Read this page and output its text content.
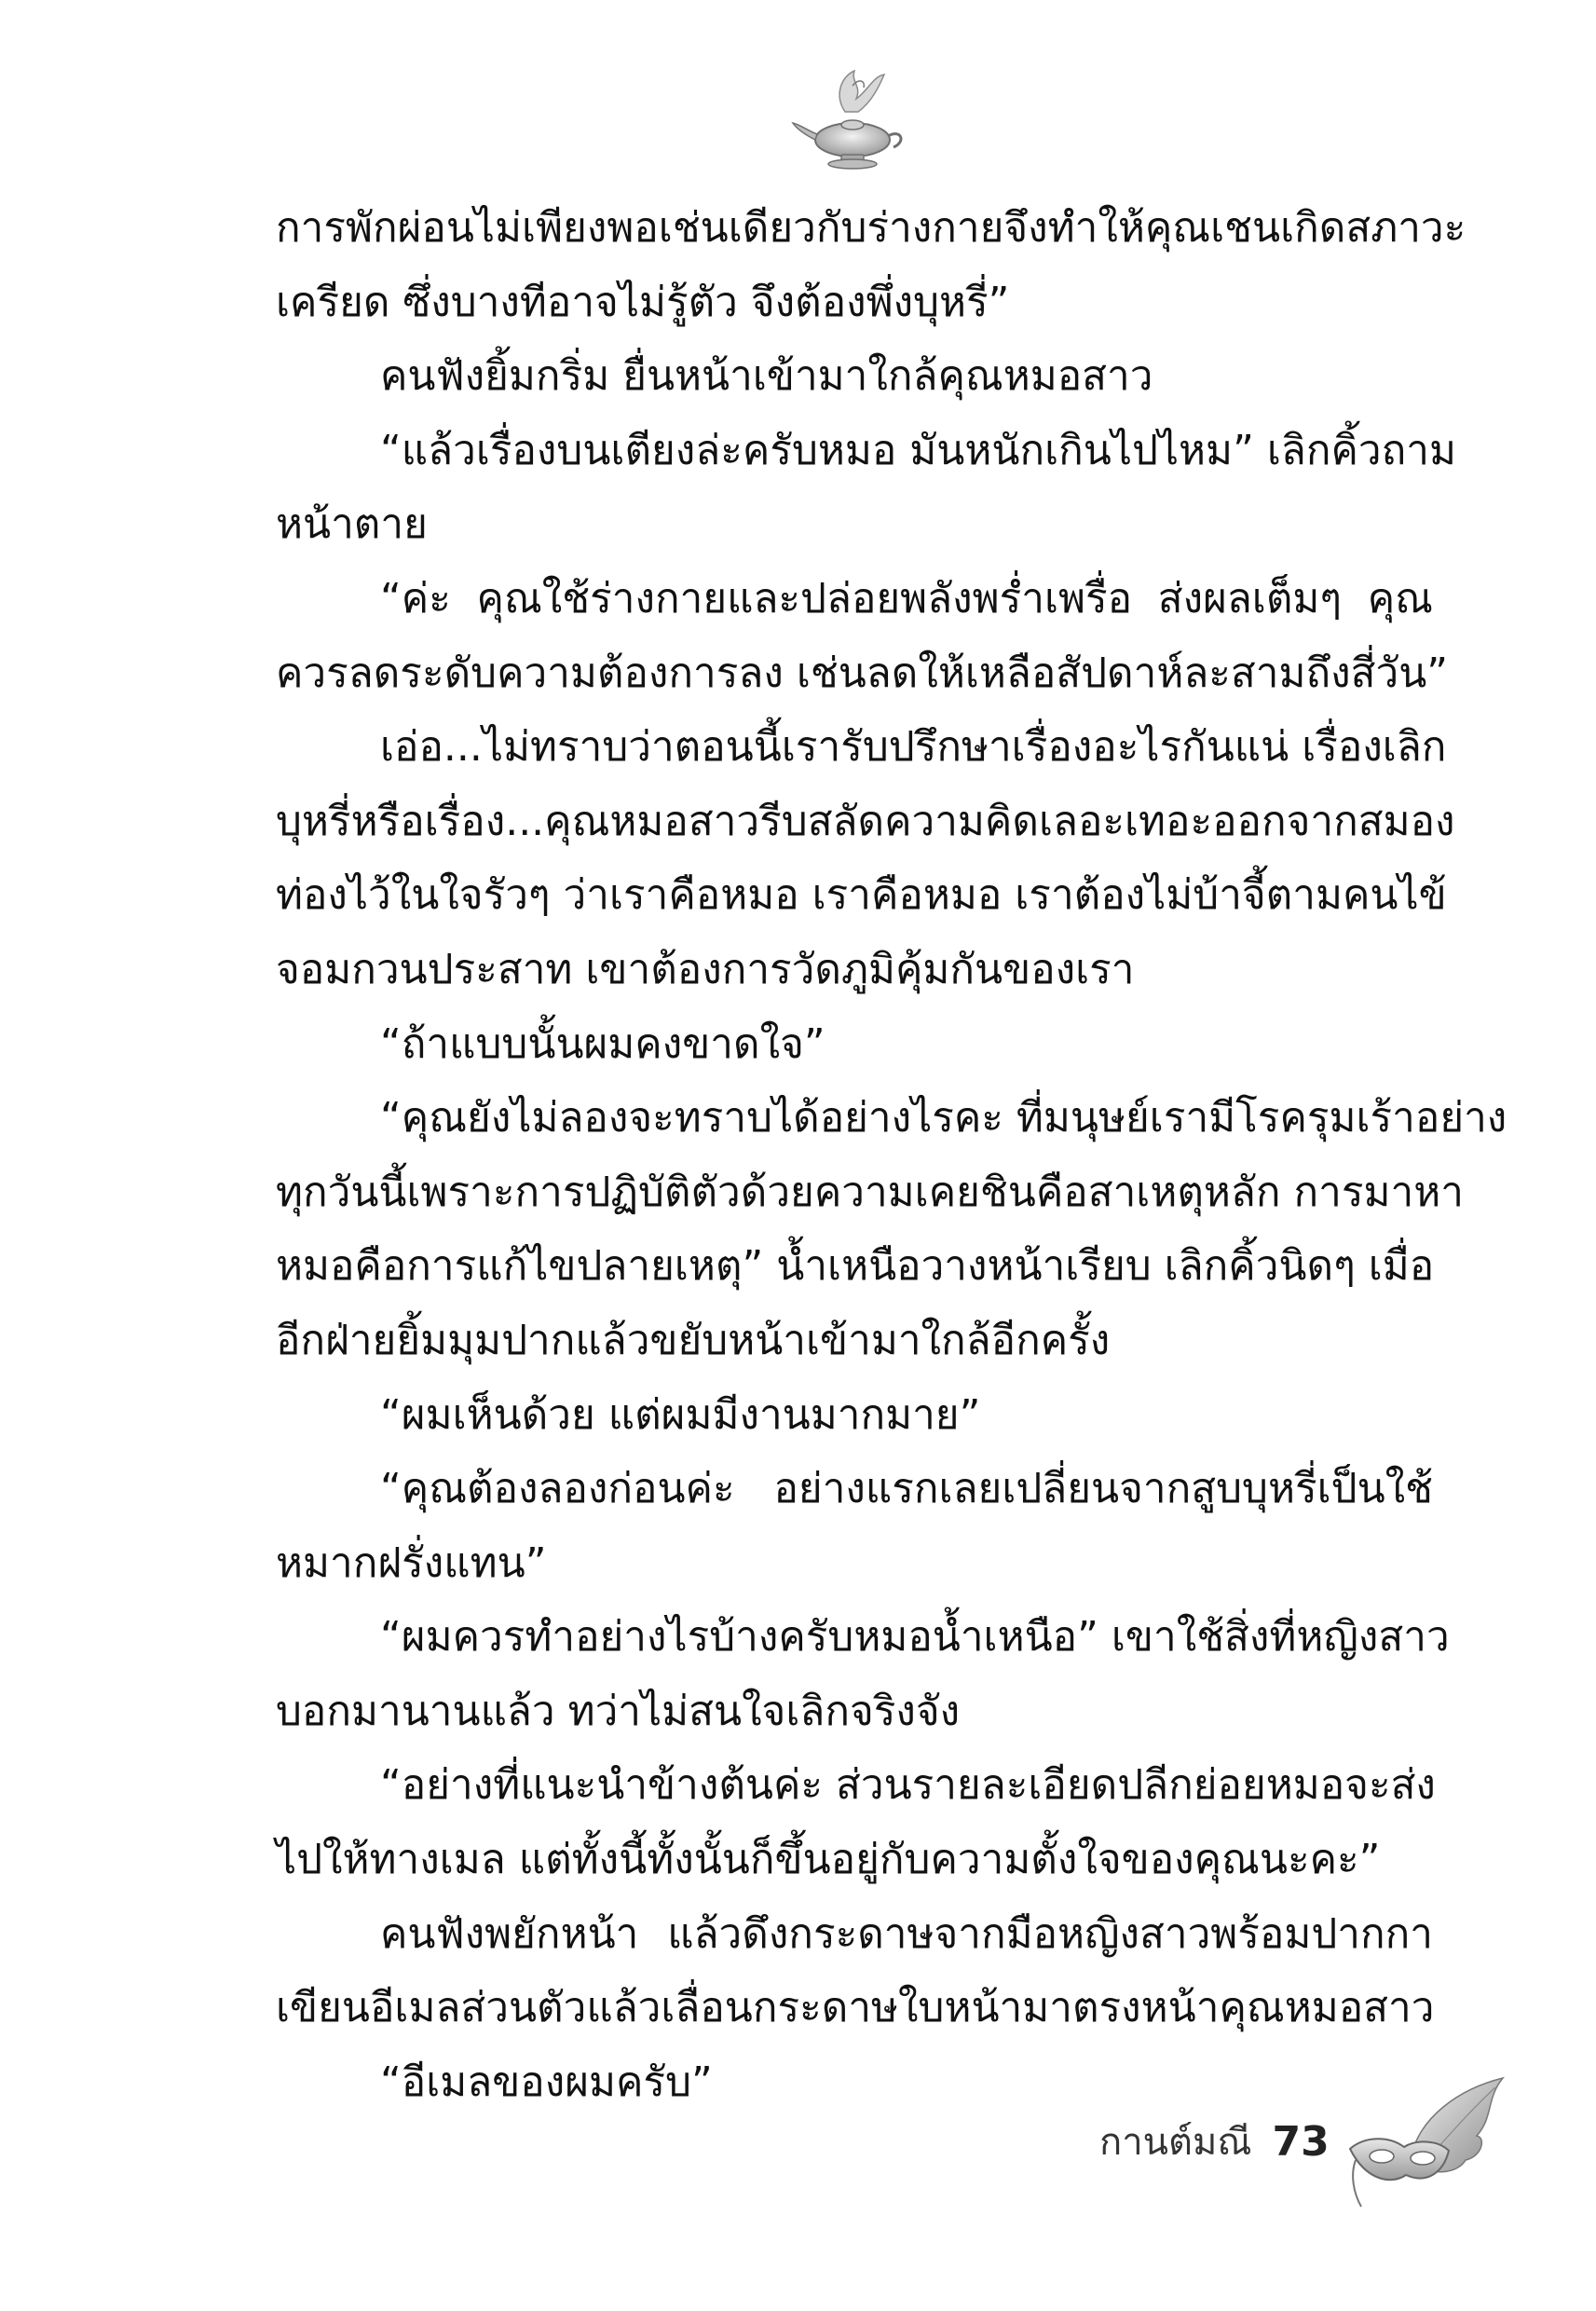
การพักผ่อนไม่เพียงพอเช่นเดียวกับร่างกายจึงทำให้คุณเชนเกิดสภาวะ
เครียด ซึ่งบางทีอาจไม่รู้ตัว จึงต้องพึ่งบุหรี่”
คนฟังยิ้มกริ่ม ยื่นหน้าเข้ามาใกล้คุณหมอสาว
“แล้วเรื่องบนเตียงล่ะครับหมอ มันหนักเกินไปไหม” เลิกคิ้วถาม
หน้าตาย
“ค่ะ คุณใช้ร่างกายและปล่อยพลังพร่ำเพรื่อ ส่งผลเต็มๆ คุณ
ควรลดระดับความต้องการลง เช่นลดให้เหลือสัปดาห์ละสามถึงสี่วัน”
เอ่อ...ไม่ทราบว่าตอนนี้เรารับปรึกษาเรื่องอะไรกันแน่ เรื่องเลิก
บุหรี่หรือเรื่อง...คุณหมอสาวรีบสลัดความคิดเลอะเทอะออกจากสมอง
ท่องไว้ในใจรัวๆ ว่าเราคือหมอ เราคือหมอ เราต้องไม่บ้าจี้ตามคนไข้
จอมกวนประสาท เขาต้องการวัดภูมิคุ้มกันของเรา
“ถ้าแบบนั้นผมคงขาดใจ”
“คุณยังไม่ลองจะทราบได้อย่างไรคะ ที่มนุษย์เรามีโรครุมเร้าอย่าง
ทุกวันนี้เพราะการปฏิบัติตัวด้วยความเคยชินคือสาเหตุหลัก การมาหา
หมอคือการแก้ไขปลายเหตุ” น้ำเหนือวางหน้าเรียบ เลิกคิ้วนิดๆ เมื่อ
อีกฝ่ายยิ้มมุมปากแล้วขยับหน้าเข้ามาใกล้อีกครั้ง
“ผมเห็นด้วย แต่ผมมีงานมากมาย”
“คุณต้องลองก่อนค่ะ อย่างแรกเลยเปลี่ยนจากสูบบุหรี่เป็นใช้
หมากฝรั่งแทน”
“ผมควรทำอย่างไรบ้างครับหมอน้ำเหนือ” เขาใช้สิ่งที่หญิงสาว
บอกมานานแล้ว ทว่าไม่สนใจเลิกจริงจัง
“อย่างที่แนะนำข้างต้นค่ะ ส่วนรายละเอียดปลีกย่อยหมอจะส่ง
ไปให้ทางเมล แต่ทั้งนี้ทั้งนั้นก็ขึ้นอยู่กับความตั้งใจของคุณนะคะ”
คนฟังพยักหน้า แล้วดึงกระดาษจากมือหญิงสาวพร้อมปากกา
เขียนอีเมลส่วนตัวแล้วเลื่อนกระดาษใบหน้ามาตรงหน้าคุณหมอสาว
“อีเมลของผมครับ”
กานต์มณี 73
